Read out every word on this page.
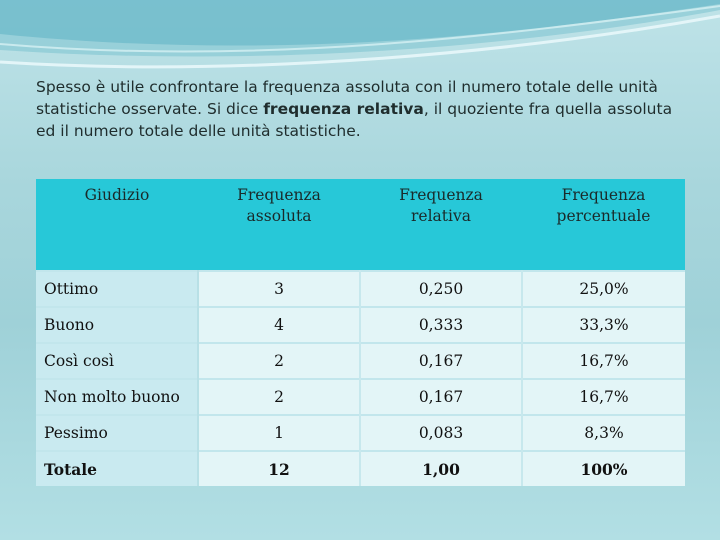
Spesso è utile confrontare la frequenza assoluta con il numero totale delle unità statistiche osservate. Si dice frequenza relativa, il quoziente fra quella assoluta ed il numero totale delle unità statistiche.
Giudizio	Frequenza assoluta	Frequenza relativa	Frequenza percentuale
Ottimo	3	0,250	25,0%
Buono	4	0,333	33,3%
Così così	2	0,167	16,7%
Non molto buono	2	0,167	16,7%
Pessimo	1	0,083	8,3%
Totale	12	1,00	100%
